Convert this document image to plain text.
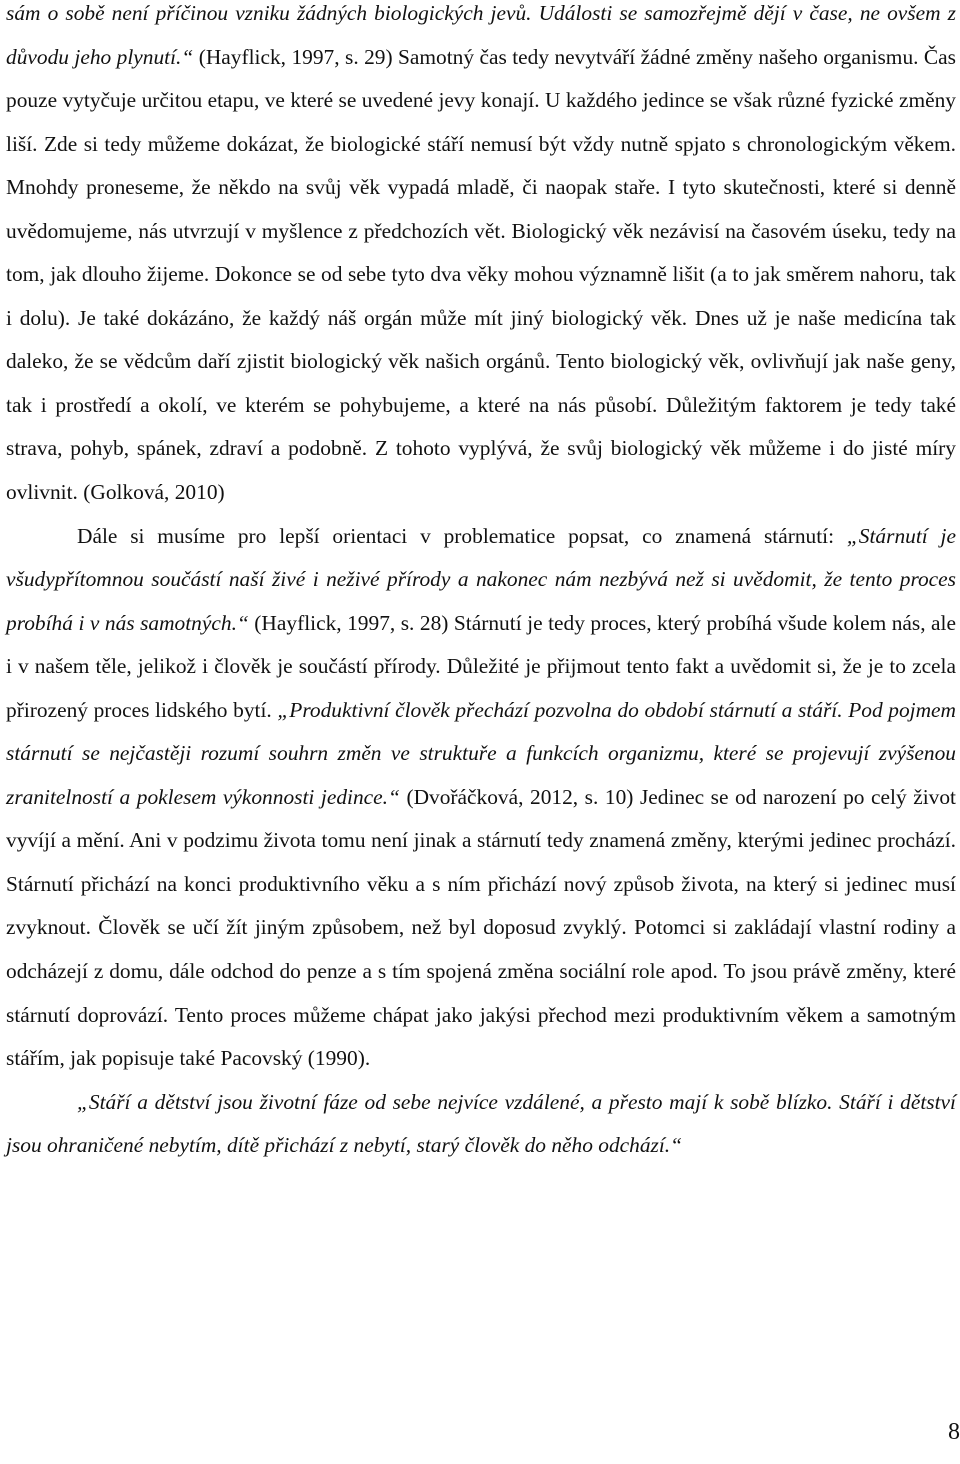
sám o sobě není příčinou vzniku žádných biologických jevů. Události se samozřejmě dějí v čase, ne ovšem z důvodu jeho plynutí.“ (Hayflick, 1997, s. 29) Samotný čas tedy nevytváří žádné změny našeho organismu. Čas pouze vytyčuje určitou etapu, ve které se uvedené jevy konají. U každého jedince se však různé fyzické změny liší. Zde si tedy můžeme dokázat, že biologické stáří nemusí být vždy nutně spjato s chronologickým věkem. Mnohdy proneseme, že někdo na svůj věk vypadá mladě, či naopak staře. I tyto skutečnosti, které si denně uvědomujeme, nás utvrzují v myšlence z předchozích vět. Biologický věk nezávisí na časovém úseku, tedy na tom, jak dlouho žijeme. Dokonce se od sebe tyto dva věky mohou významně lišit (a to jak směrem nahoru, tak i dolu). Je také dokázáno, že každý náš orgán může mít jiný biologický věk. Dnes už je naše medicína tak daleko, že se vědcům daří zjistit biologický věk našich orgánů. Tento biologický věk, ovlivňují jak naše geny, tak i prostředí a okolí, ve kterém se pohybujeme, a které na nás působí. Důležitým faktorem je tedy také strava, pohyb, spánek, zdraví a podobně. Z tohoto vyplývá, že svůj biologický věk můžeme i do jisté míry ovlivnit. (Golková, 2010)

Dále si musíme pro lepší orientaci v problematice popsat, co znamená stárnutí: „Stárnutí je všudypřítomnou součástí naší živé i neživé přírody a nakonec nám nezbývá než si uvědomit, že tento proces probíhá i v nás samotných.“ (Hayflick, 1997, s. 28) Stárnutí je tedy proces, který probíhá všude kolem nás, ale i v našem těle, jelikož i člověk je součástí přírody. Důležité je přijmout tento fakt a uvědomit si, že je to zcela přirozený proces lidského bytí. „Produktivní člověk přechází pozvolna do období stárnutí a stáří. Pod pojmem stárnutí se nejčastěji rozumí souhrn změn ve struktuře a funkcích organizmu, které se projevují zvýšenou zranitelností a poklesem výkonnosti jedince.“ (Dvořáčková, 2012, s. 10) Jedinec se od narození po celý život vyvíjí a mění. Ani v podzimu života tomu není jinak a stárnutí tedy znamená změny, kterými jedinec prochází. Stárnutí přichází na konci produktivního věku a s ním přichází nový způsob života, na který si jedinec musí zvyknout. Člověk se učí žít jiným způsobem, než byl doposud zvyklý. Potomci si zakládají vlastní rodiny a odcházejí z domu, dále odchod do penze a s tím spojená změna sociální role apod. To jsou právě změny, které stárnutí doprovází. Tento proces můžeme chápat jako jakýsi přechod mezi produktivním věkem a samotným stářím, jak popisuje také Pacovský (1990).

„Stáří a dětství jsou životní fáze od sebe nejvíce vzdálené, a přesto mají k sobě blízko. Stáří i dětství jsou ohraničené nebytím, dítě přichází z nebytí, starý člověk do něho odchází.“

8
